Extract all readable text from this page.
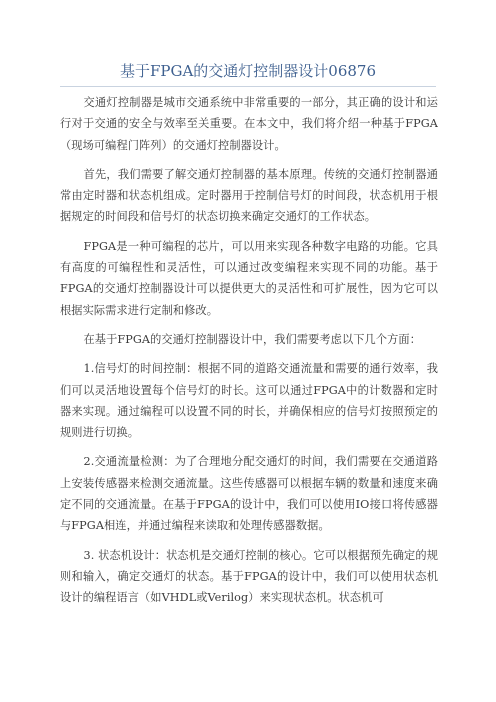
基于FPGA的交通灯控制器设计06876

交通灯控制器是城市交通系统中非常重要的一部分，其正确的设计和运行对于交通的安全与效率至关重要。在本文中，我们将介绍一种基于FPGA（现场可编程门阵列）的交通灯控制器设计。

首先，我们需要了解交通灯控制器的基本原理。传统的交通灯控制器通常由定时器和状态机组成。定时器用于控制信号灯的时间段，状态机用于根据规定的时间段和信号灯的状态切换来确定交通灯的工作状态。

FPGA是一种可编程的芯片，可以用来实现各种数字电路的功能。它具有高度的可编程性和灵活性，可以通过改变编程来实现不同的功能。基于FPGA的交通灯控制器设计可以提供更大的灵活性和可扩展性，因为它可以根据实际需求进行定制和修改。

在基于FPGA的交通灯控制器设计中，我们需要考虑以下几个方面：

1.信号灯的时间控制：根据不同的道路交通流量和需要的通行效率，我们可以灵活地设置每个信号灯的时长。这可以通过FPGA中的计数器和定时器来实现。通过编程可以设置不同的时长，并确保相应的信号灯按照预定的规则进行切换。

2.交通流量检测：为了合理地分配交通灯的时间，我们需要在交通道路上安装传感器来检测交通流量。这些传感器可以根据车辆的数量和速度来确定不同的交通流量。在基于FPGA的设计中，我们可以使用IO接口将传感器与FPGA相连，并通过编程来读取和处理传感器数据。

3. 状态机设计：状态机是交通灯控制的核心。它可以根据预先确定的规则和输入，确定交通灯的状态。基于FPGA的设计中，我们可以使用状态机设计的编程语言（如VHDL或Verilog）来实现状态机。状态机可
